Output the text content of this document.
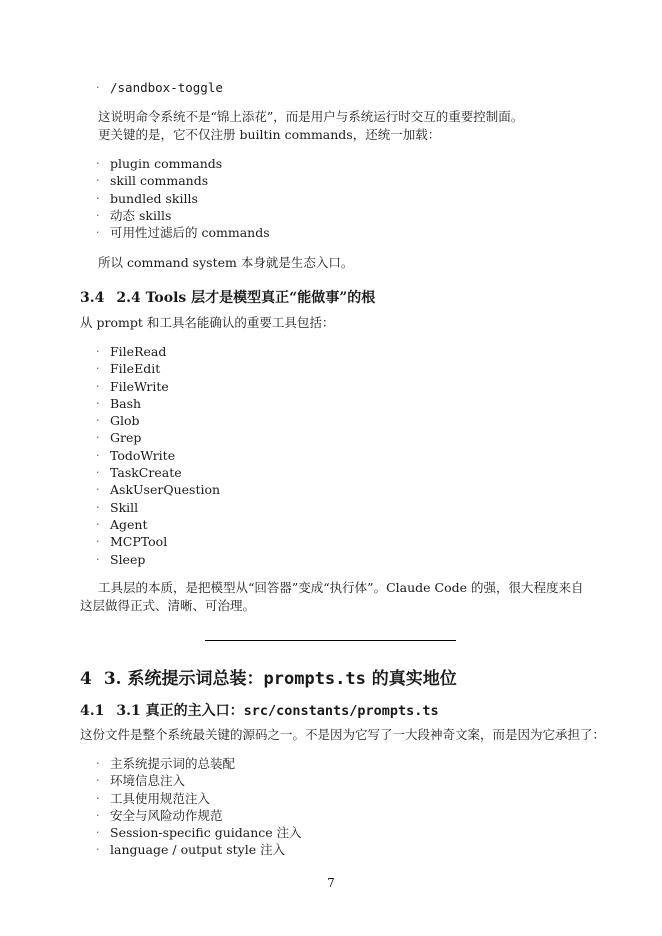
· /sandbox-toggle

这说明命令系统不是“锦上添花”，而是用户与系统运行时交互的重要控制面。
更关键的是，它不仅注册 builtin commands，还统一加载：

· plugin commands
· skill commands
· bundled skills
· 动态 skills
· 可用性过滤后的 commands

所以 command system 本身就是生态入口。

3.4 2.4 Tools 层才是模型真正“能做事”的根

从 prompt 和工具名能确认的重要工具包括：

· FileRead
· FileEdit
· FileWrite
· Bash
· Glob
· Grep
· TodoWrite
· TaskCreate
· AskUserQuestion
· Skill
· Agent
· MCPTool
· Sleep

工具层的本质，是把模型从“回答器”变成“执行体”。Claude Code 的强，很大程度来自
这层做得正式、清晰、可治理。

4 3. 系统提示词总装：prompts.ts 的真实地位
4.1 3.1 真正的主入口：src/constants/prompts.ts

这份文件是整个系统最关键的源码之一。不是因为它写了一大段神奇文案，而是因为它承担了：

· 主系统提示词的总装配
· 环境信息注入
· 工具使用规范注入
· 安全与风险动作规范
· Session-specific guidance 注入
· language / output style 注入
7
